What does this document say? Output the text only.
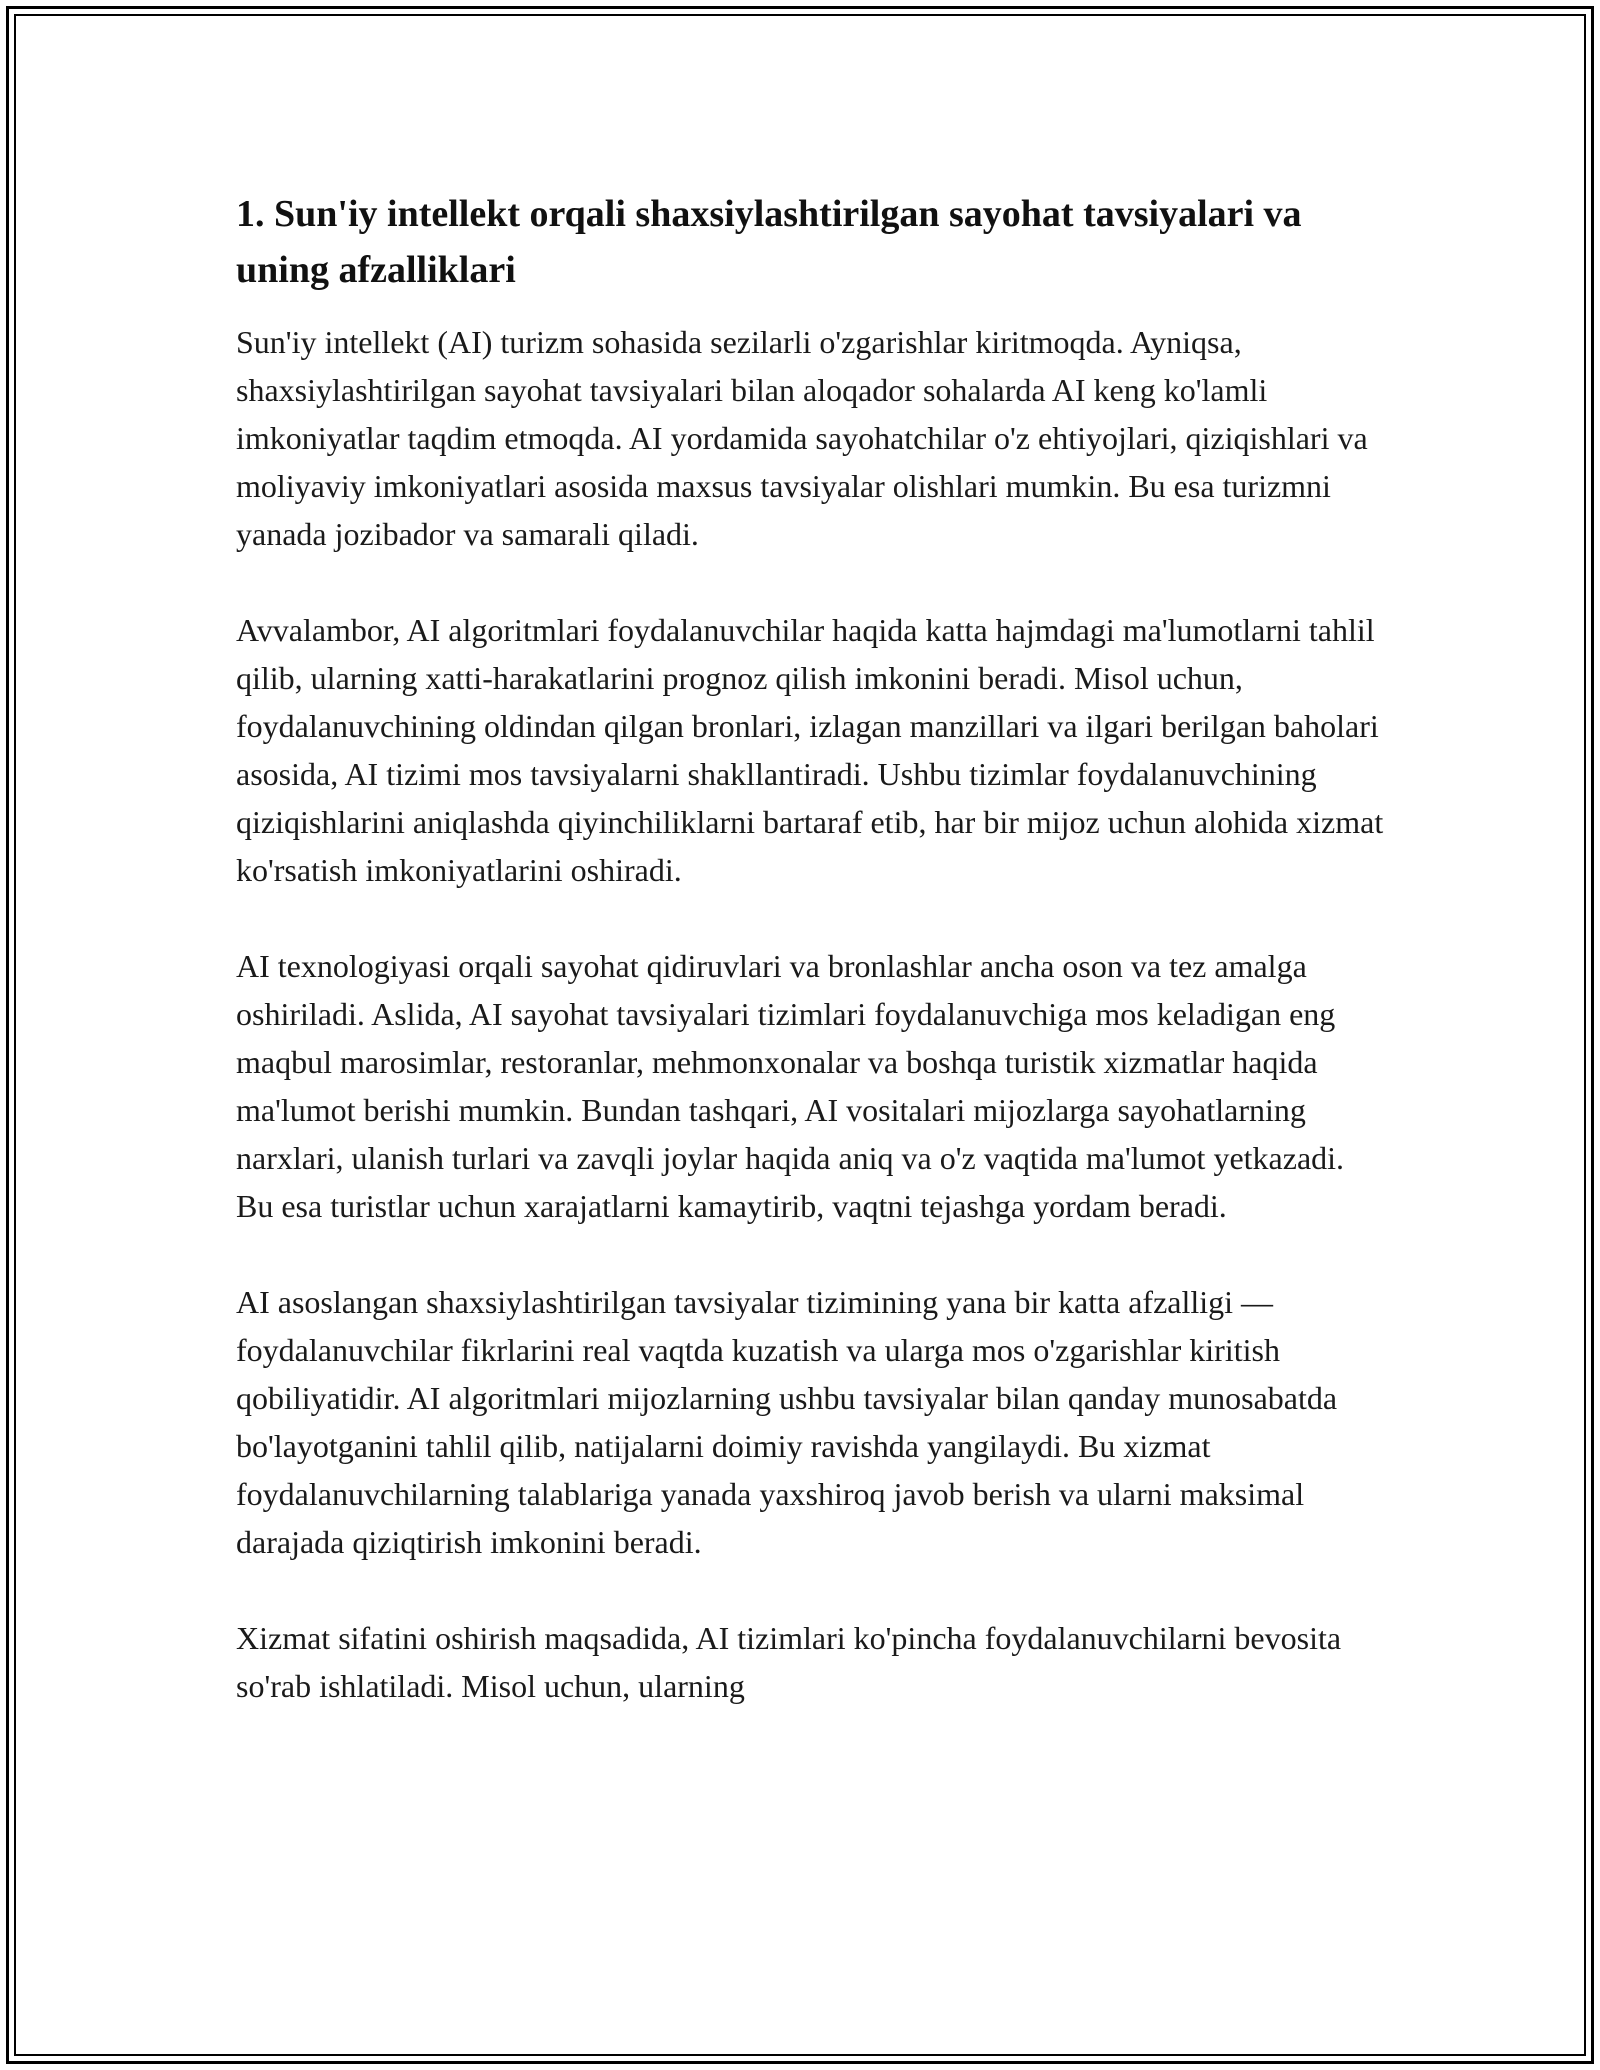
1. Sun'iy intellekt orqali shaxsiylashtirilgan sayohat tavsiyalari va uning afzalliklari

Sun'iy intellekt (AI) turizm sohasida sezilarli o'zgarishlar kiritmoqda. Ayniqsa, shaxsiylashtirilgan sayohat tavsiyalari bilan aloqador sohalarda AI keng ko'lamli imkoniyatlar taqdim etmoqda. AI yordamida sayohatchilar o'z ehtiyojlari, qiziqishlari va moliyaviy imkoniyatlari asosida maxsus tavsiyalar olishlari mumkin. Bu esa turizmni yanada jozibador va samarali qiladi.

Avvalambor, AI algoritmlari foydalanuvchilar haqida katta hajmdagi ma'lumotlarni tahlil qilib, ularning xatti-harakatlarini prognoz qilish imkonini beradi. Misol uchun, foydalanuvchining oldindan qilgan bronlari, izlagan manzillari va ilgari berilgan baholari asosida, AI tizimi mos tavsiyalarni shakllantiradi. Ushbu tizimlar foydalanuvchining qiziqishlarini aniqlashda qiyinchiliklarni bartaraf etib, har bir mijoz uchun alohida xizmat ko'rsatish imkoniyatlarini oshiradi.

AI texnologiyasi orqali sayohat qidiruvlari va bronlashlar ancha oson va tez amalga oshiriladi. Aslida, AI sayohat tavsiyalari tizimlari foydalanuvchiga mos keladigan eng maqbul marosimlar, restoranlar, mehmonxonalar va boshqa turistik xizmatlar haqida ma'lumot berishi mumkin. Bundan tashqari, AI vositalari mijozlarga sayohatlarning narxlari, ulanish turlari va zavqli joylar haqida aniq va o'z vaqtida ma'lumot yetkazadi. Bu esa turistlar uchun xarajatlarni kamaytirib, vaqtni tejashga yordam beradi.

AI asoslangan shaxsiylashtirilgan tavsiyalar tizimining yana bir katta afzalligi — foydalanuvchilar fikrlarini real vaqtda kuzatish va ularga mos o'zgarishlar kiritish qobiliyatidir. AI algoritmlari mijozlarning ushbu tavsiyalar bilan qanday munosabatda bo'layotganini tahlil qilib, natijalarni doimiy ravishda yangilaydi. Bu xizmat foydalanuvchilarning talablariga yanada yaxshiroq javob berish va ularni maksimal darajada qiziqtirish imkonini beradi.

Xizmat sifatini oshirish maqsadida, AI tizimlari ko'pincha foydalanuvchilarni bevosita so'rab ishlatiladi. Misol uchun, ularning
